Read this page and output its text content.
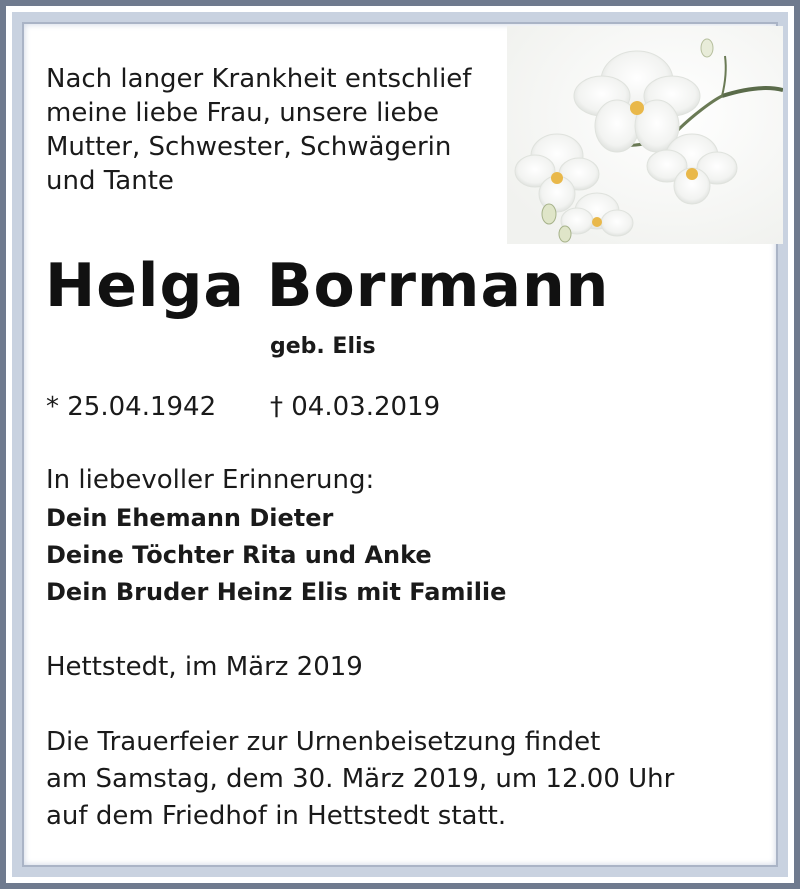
Nach langer Krankheit entschlief
meine liebe Frau, unsere liebe
Mutter, Schwester, Schwägerin
und Tante
Helga Borrmann
geb. Elis
* 25.04.1942 † 04.03.2019
In liebevoller Erinnerung:
Dein Ehemann Dieter
Deine Töchter Rita und Anke
Dein Bruder Heinz Elis mit Familie
Hettstedt, im März 2019
Die Trauerfeier zur Urnenbeisetzung findet
am Samstag, dem 30. März 2019, um 12.00 Uhr
auf dem Friedhof in Hettstedt statt.
